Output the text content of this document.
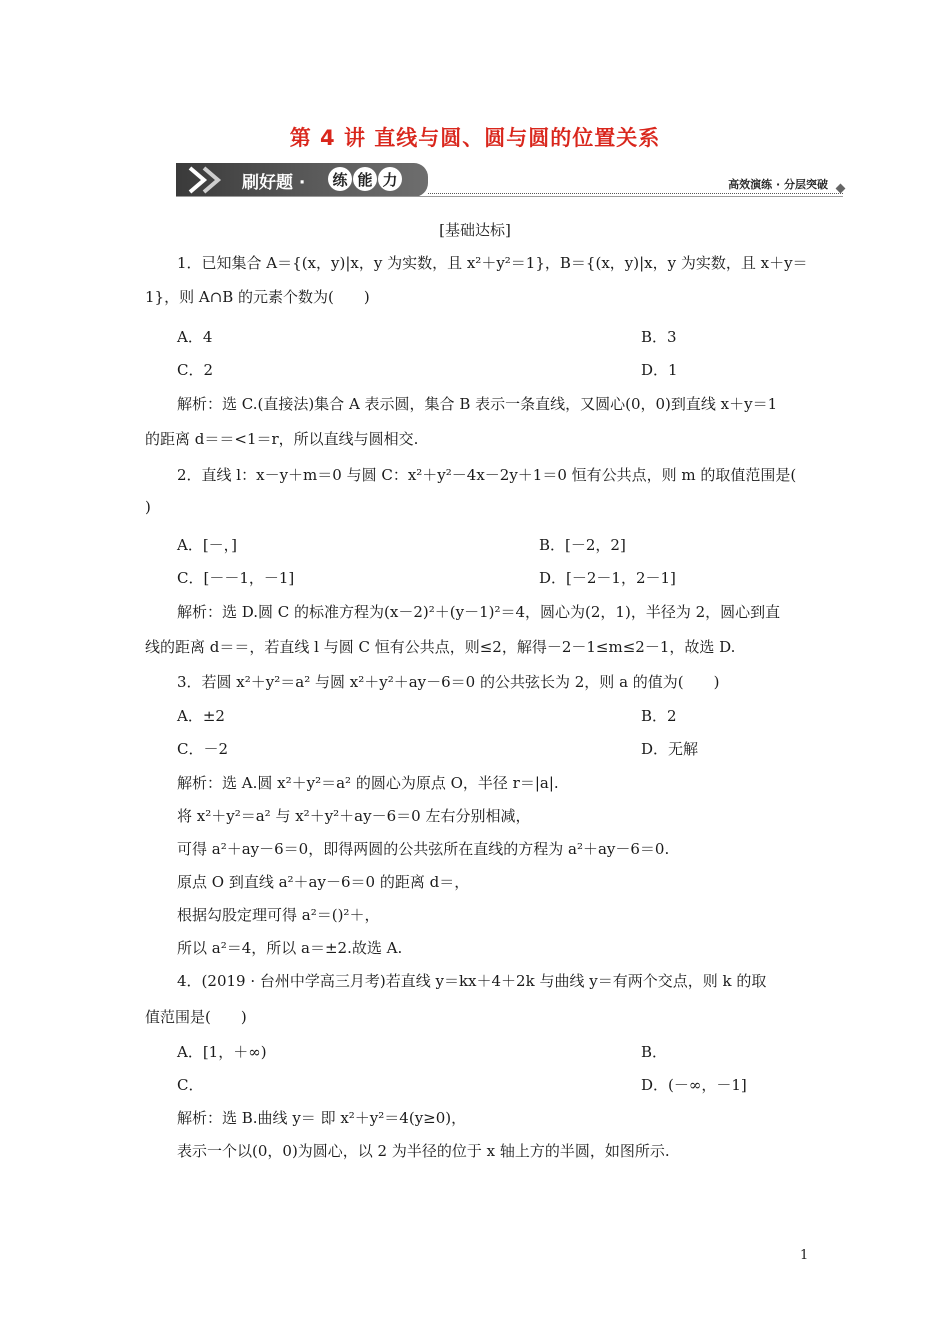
第 4 讲 直线与圆、圆与圆的位置关系
刷好题 · 练 能 力	高效演练 · 分层突破
[基础达标]
1．已知集合 A＝{(x，y)|x，y 为实数，且 x²＋y²＝1}，B＝{(x，y)|x，y 为实数，且 x＋y＝
1}，则 A∩B 的元素个数为(　　)
A．4	B．3
C．2	D．1
解析：选 C.(直接法)集合 A 表示圆，集合 B 表示一条直线，又圆心(0，0)到直线 x＋y＝1
的距离 d＝＝<1＝r，所以直线与圆相交.
2．直线 l：x－y＋m＝0 与圆 C：x²＋y²－4x－2y＋1＝0 恒有公共点，则 m 的取值范围是(
)
A．[－，]	B．[－2，2]
C．[－－1，－1]	D．[－2－1，2－1]
解析：选 D.圆 C 的标准方程为(x－2)²＋(y－1)²＝4，圆心为(2，1)，半径为 2，圆心到直
线的距离 d＝＝，若直线 l 与圆 C 恒有公共点，则≤2，解得－2－1≤m≤2－1，故选 D.
3．若圆 x²＋y²＝a² 与圆 x²＋y²＋ay－6＝0 的公共弦长为 2，则 a 的值为(　　)
A．±2	B．2
C．－2	D．无解
解析：选 A.圆 x²＋y²＝a² 的圆心为原点 O，半径 r＝|a|.
将 x²＋y²＝a² 与 x²＋y²＋ay－6＝0 左右分别相减，
可得 a²＋ay－6＝0，即得两圆的公共弦所在直线的方程为 a²＋ay－6＝0.
原点 O 到直线 a²＋ay－6＝0 的距离 d＝，
根据勾股定理可得 a²＝()²＋，
所以 a²＝4，所以 a＝±2.故选 A.
4．(2019 · 台州中学高三月考)若直线 y＝kx＋4＋2k 与曲线 y＝有两个交点，则 k 的取
值范围是(　　)
A．[1，＋∞)	B．
C．	D．(－∞，－1]
解析：选 B.曲线 y＝ 即 x²＋y²＝4(y≥0)，
表示一个以(0，0)为圆心，以 2 为半径的位于 x 轴上方的半圆，如图所示.
1
